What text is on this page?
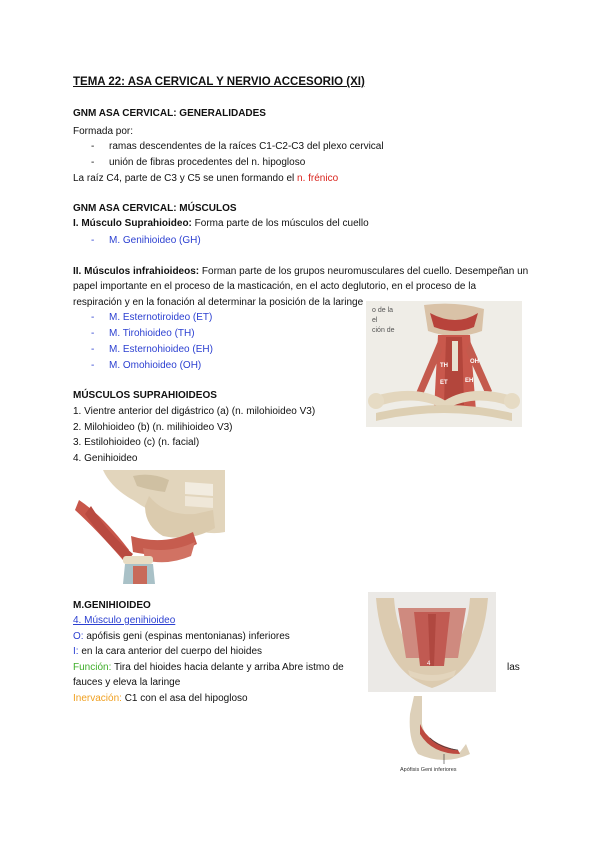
TEMA 22: ASA CERVICAL Y NERVIO ACCESORIO (XI)
GNM ASA CERVICAL: GENERALIDADES
Formada por:
- ramas descendentes de la raíces C1-C2-C3 del plexo cervical
- unión de fibras procedentes del n. hipogloso
La raíz C4, parte de C3 y C5 se unen formando el n. frénico
GNM ASA CERVICAL: MÚSCULOS
I. Músculo Suprahioideo: Forma parte de los músculos del cuello
- M. Genihioideo (GH)
II. Músculos infrahioideos: Forman parte de los grupos neuromusculares del cuello. Desempeñan un
papel importante en el proceso de la masticación, en el acto deglutorio, en el proceso de la
respiración y en la fonación al determinar la posición de la laringe
- M. Esternotiroideo (ET)
- M. Tirohioideo (TH)
- M. Esternohioideo (EH)
- M. Omohioideo (OH)
o de la
el
ción de
OH
TH
ET	EH
MÚSCULOS SUPRAHIOIDEOS
1. Vientre anterior del digástrico (a) (n. milohioideo V3)
2. Milohioideo (b) (n. milihioideo V3)
3. Estilohioideo (c) (n. facial)
4. Genihioideo
M.GENIHIOIDEO
4. Músculo genihioideo
O: apófisis geni (espinas mentonianas) inferiores
I: en la cara anterior del cuerpo del hioides
Función: Tira del hioides hacia delante y arriba Abre istmo de	las
fauces y eleva la laringe
Inervación: C1 con el asa del hipogloso
4
Apófisis Geni inferiores
